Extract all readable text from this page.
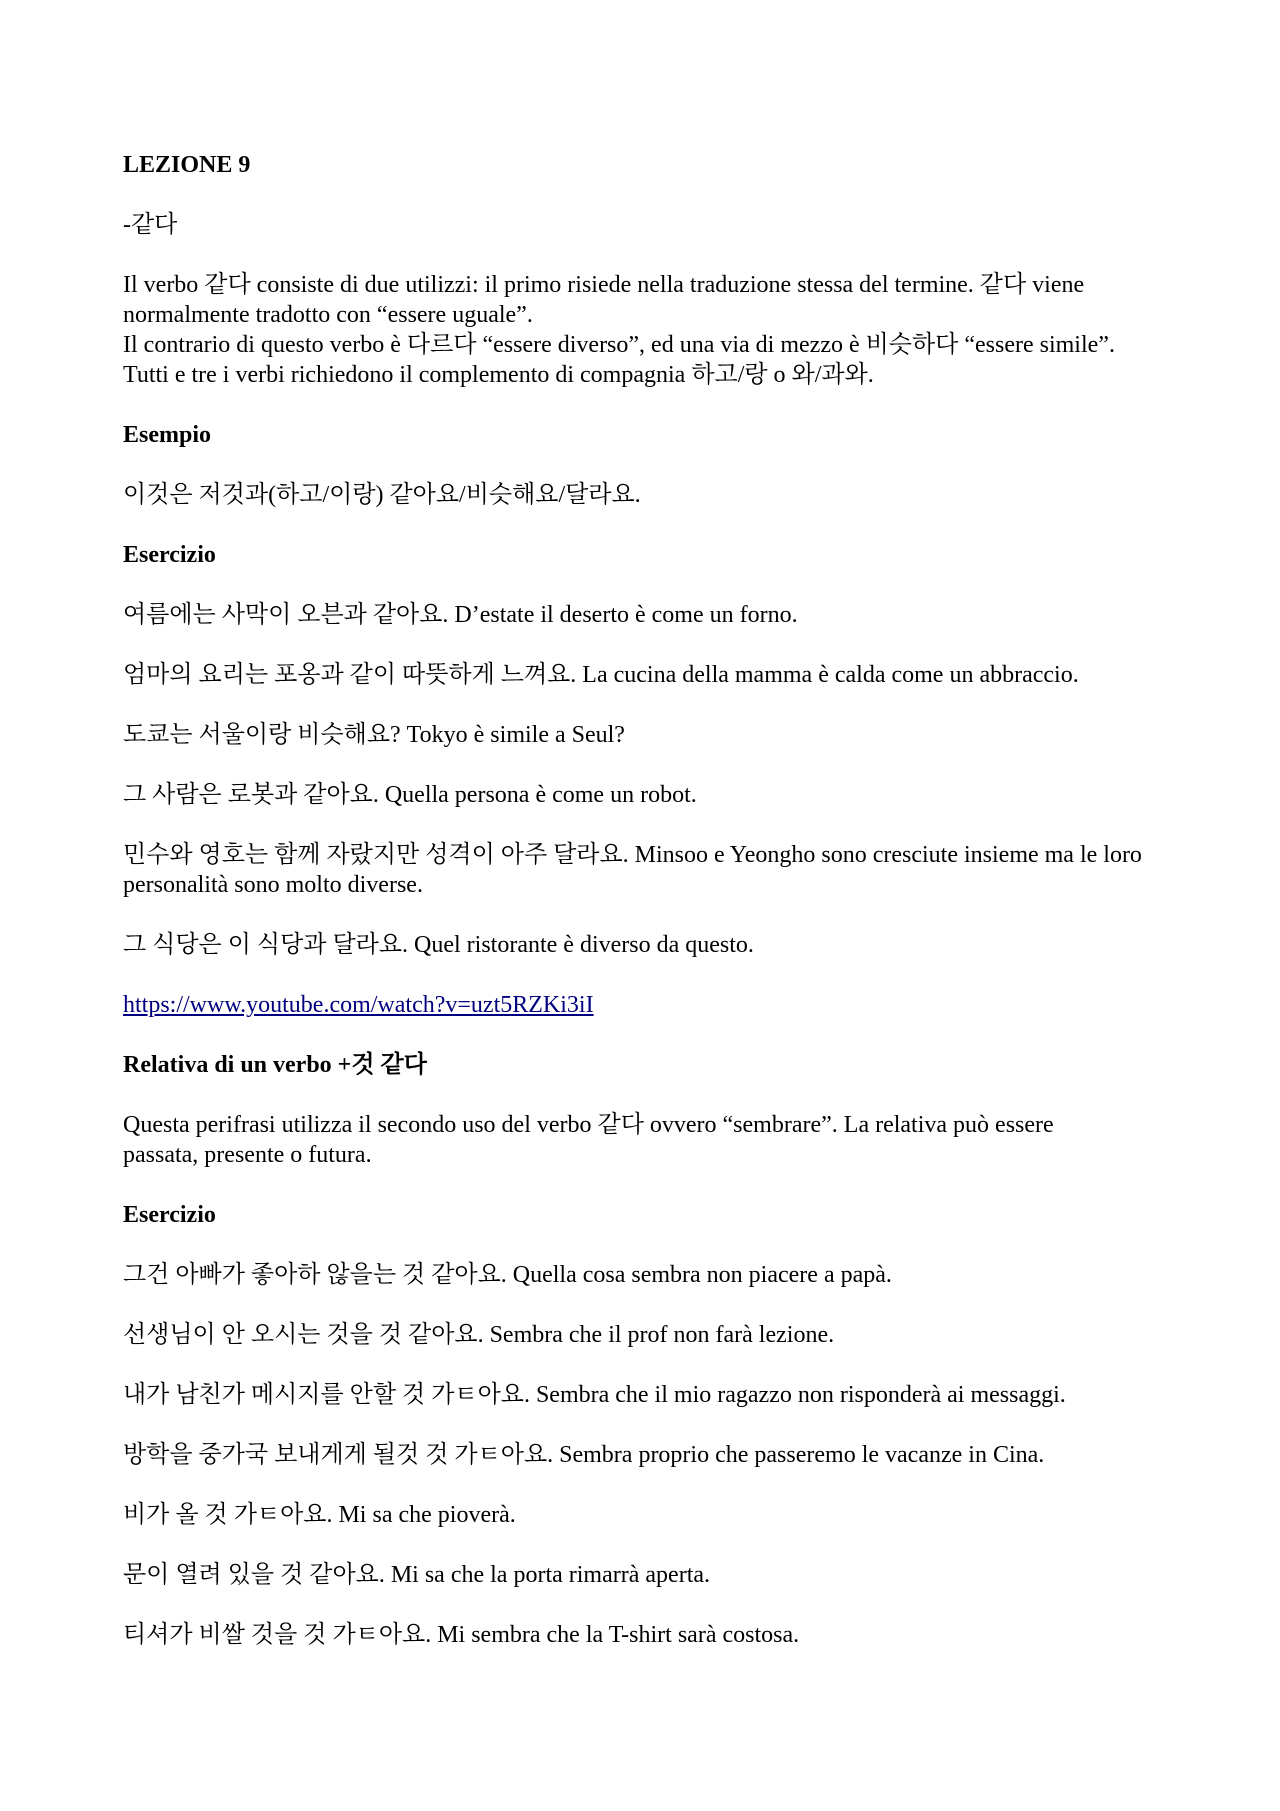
LEZIONE 9

-같다

Il verbo 같다 consiste di due utilizzi: il primo risiede nella traduzione stessa del termine. 같다 viene

normalmente tradotto con “essere uguale”.

Il contrario di questo verbo è 다르다 “essere diverso”, ed una via di mezzo è 비슷하다 “essere simile”.

Tutti e tre i verbi richiedono il complemento di compagnia 하고/랑 o 와/과와.

Esempio

이것은 저것과(하고/이랑) 같아요/비슷해요/달라요.

Esercizio

여름에는 사막이 오븐과 같아요. D’estate il deserto è come un forno.

엄마의 요리는 포옹과 같이 따뜻하게 느껴요. La cucina della mamma è calda come un abbraccio.

도쿄는 서울이랑 비슷해요? Tokyo è simile a Seul?

그 사람은 로봇과 같아요. Quella persona è come un robot.

민수와 영호는 함께 자랐지만 성격이 아주 달라요. Minsoo e Yeongho sono cresciute insieme ma le loro

personalità sono molto diverse.

그 식당은 이 식당과 달라요. Quel ristorante è diverso da questo.

https://www.youtube.com/watch?v=uzt5RZKi3iI

Relativa di un verbo +것 같다

Questa perifrasi utilizza il secondo uso del verbo 같다 ovvero “sembrare”. La relativa può essere

passata, presente o futura.

Esercizio

그건 아빠가 좋아하 않을는 것 같아요. Quella cosa sembra non piacere a papà.

선생님이 안 오시는 것을 것 같아요. Sembra che il prof non farà lezione.

내가 남친가 메시지를 안할 것 가ㅌ아요. Sembra che il mio ragazzo non risponderà ai messaggi.

방학을 중가국 보내게게 될것 것 가ㅌ아요. Sembra proprio che passeremo le vacanze in Cina.

비가 올 것 가ㅌ아요. Mi sa che pioverà.

문이 열려 있을 것 같아요. Mi sa che la porta rimarrà aperta.

티셔가 비쌀 것을 것 가ㅌ아요. Mi sembra che la T-shirt sarà costosa.
